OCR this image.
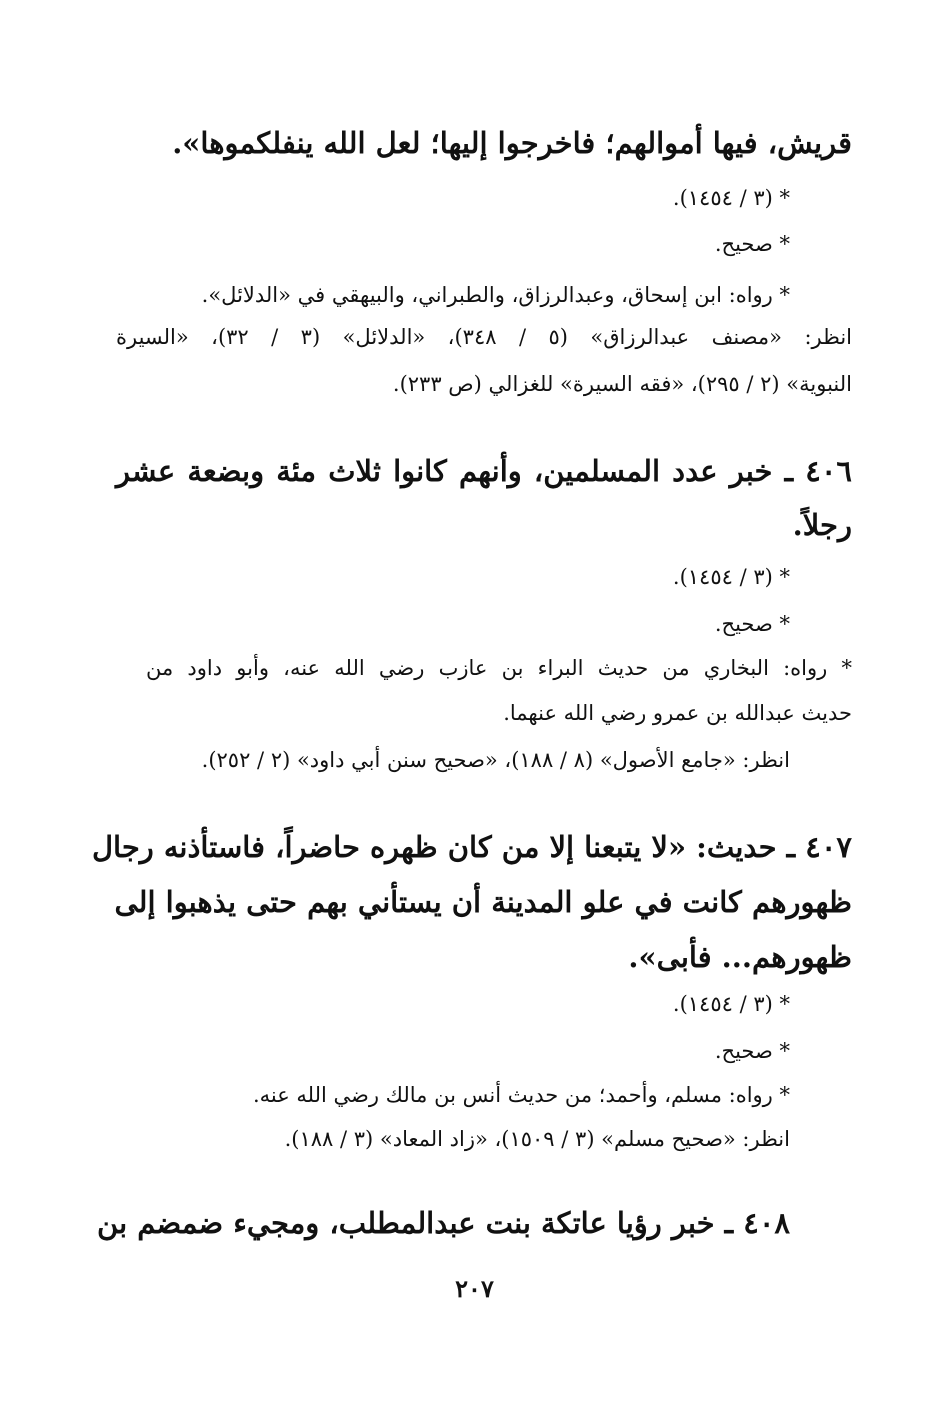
قريش، فيها أموالهم؛ فاخرجوا إليها؛ لعل الله ينفلكموها».

* (٣ / ١٤٥٤).

* صحيح.

* رواه: ابن إسحاق، وعبدالرزاق، والطبراني، والبيهقي في «الدلائل».

انظر: «مصنف عبدالرزاق» (٥ / ٣٤٨)، «الدلائل» (٣ / ٣٢)، «السيرة

النبوية» (٢ / ٢٩٥)، «فقه السيرة» للغزالي (ص ٢٣٣).

٤٠٦ ـ خبر عدد المسلمين، وأنهم كانوا ثلاث مئة وبضعة عشر

رجلاً.

* (٣ / ١٤٥٤).

* صحيح.

* رواه: البخاري من حديث البراء بن عازب رضي الله عنه، وأبو داود من

حديث عبدالله بن عمرو رضي الله عنهما.

انظر: «جامع الأصول» (٨ / ١٨٨)، «صحيح سنن أبي داود» (٢ / ٢٥٢).

٤٠٧ ـ حديث: «لا يتبعنا إلا من كان ظهره حاضراً، فاستأذنه رجال

ظهورهم كانت في علو المدينة أن يستأني بهم حتى يذهبوا إلى

ظهورهم... فأبى».

* (٣ / ١٤٥٤).

* صحيح.

* رواه: مسلم، وأحمد؛ من حديث أنس بن مالك رضي الله عنه.

انظر: «صحيح مسلم» (٣ / ١٥٠٩)، «زاد المعاد» (٣ / ١٨٨).

٤٠٨ ـ خبر رؤيا عاتكة بنت عبدالمطلب، ومجيء ضمضم بن

٢٠٧
